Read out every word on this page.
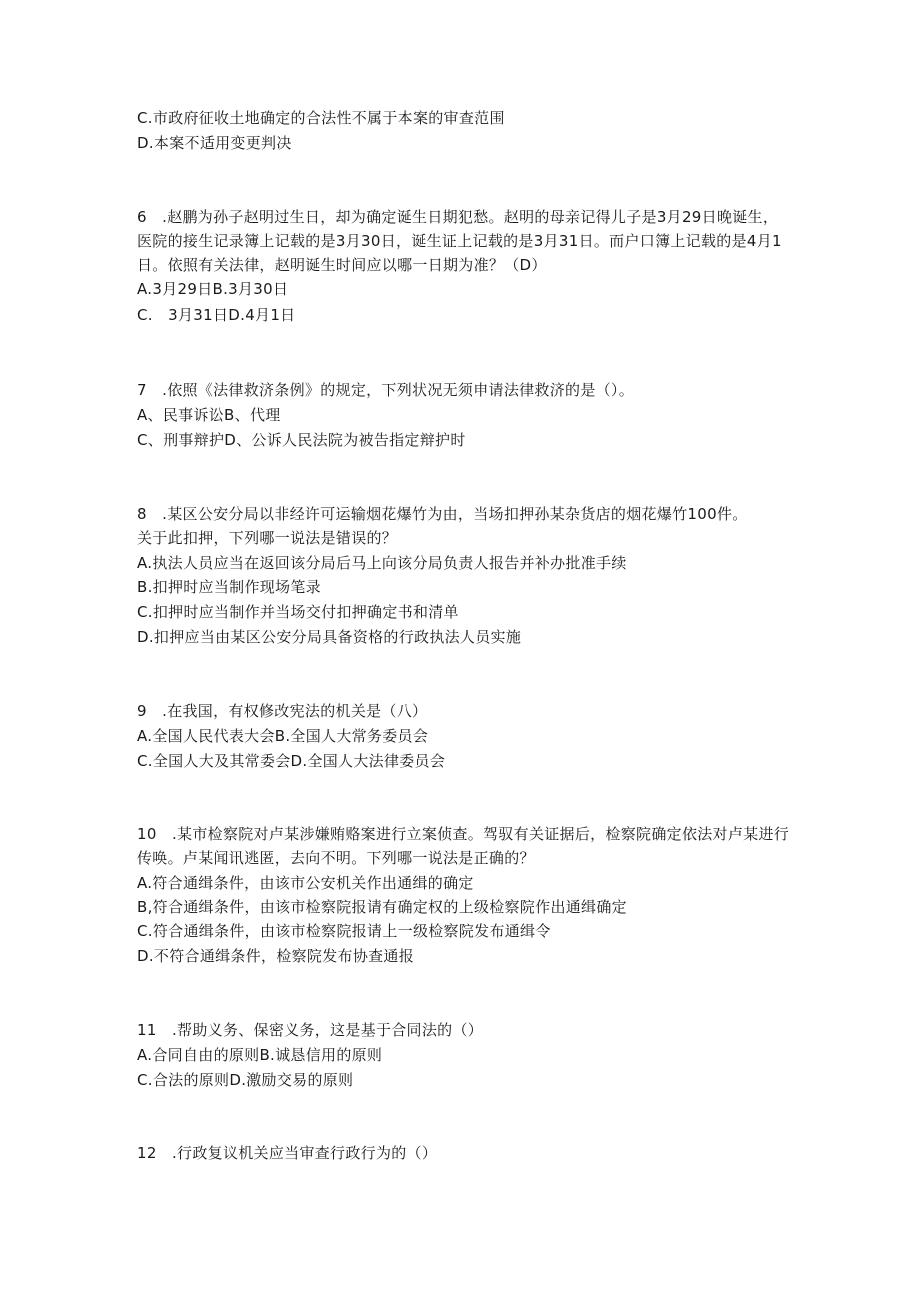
C.市政府征收土地确定的合法性不属于本案的审查范围
D.本案不适用变更判决
6　.赵鹏为孙子赵明过生日，却为确定诞生日期犯愁。赵明的母亲记得儿子是3月29日晚诞生，
医院的接生记录簿上记载的是3月30日，诞生证上记载的是3月31日。而户口簿上记载的是4月1
日。依照有关法律，赵明诞生时间应以哪一日期为准？（D）
A.3月29日B.3月30日
C.　3月31日D.4月1日
7　.依照《法律救济条例》的规定，下列状况无须申请法律救济的是（）。
A、民事诉讼B、代理
C、刑事辩护D、公诉人民法院为被告指定辩护时
8　.某区公安分局以非经许可运输烟花爆竹为由，当场扣押孙某杂货店的烟花爆竹100件。
关于此扣押，下列哪一说法是错误的？
A.执法人员应当在返回该分局后马上向该分局负责人报告并补办批准手续
B.扣押时应当制作现场笔录
C.扣押时应当制作并当场交付扣押确定书和清单
D.扣押应当由某区公安分局具备资格的行政执法人员实施
9　.在我国，有权修改宪法的机关是（八）
A.全国人民代表大会B.全国人大常务委员会
C.全国人大及其常委会D.全国人大法律委员会
10　.某市检察院对卢某涉嫌贿赂案进行立案侦查。驾驭有关证据后，检察院确定依法对卢某进行
传唤。卢某闻讯逃匿，去向不明。下列哪一说法是正确的？
A.符合通缉条件，由该市公安机关作出通缉的确定
B,符合通缉条件，由该市检察院报请有确定权的上级检察院作出通缉确定
C.符合通缉条件，由该市检察院报请上一级检察院发布通缉令
D.不符合通缉条件，检察院发布协查通报
11　.帮助义务、保密义务，这是基于合同法的（）
A.合同自由的原则B.诚恳信用的原则
C.合法的原则D.激励交易的原则
12　.行政复议机关应当审查行政行为的（）
